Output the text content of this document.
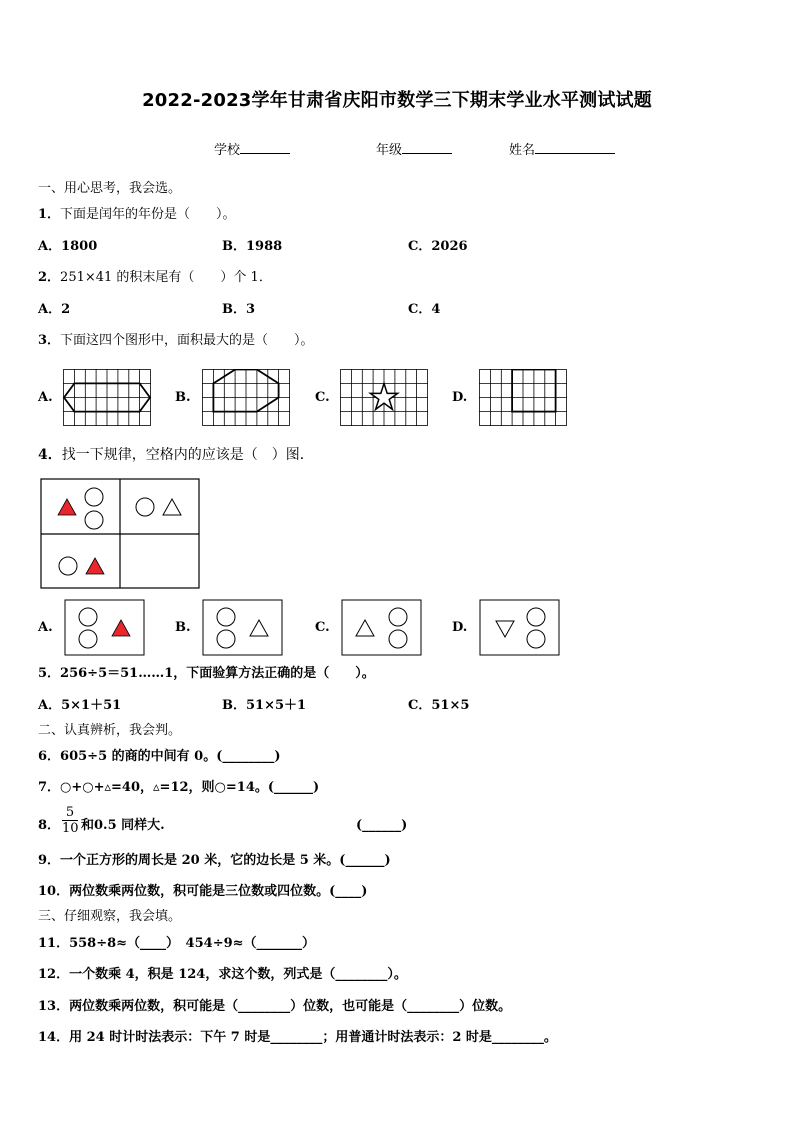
2022-2023学年甘肃省庆阳市数学三下期末学业水平测试试题
学校	年级	姓名
一、用心思考，我会选。
1．下面是闰年的年份是（　　）。
A．1800	B．1988	C．2026
2．251×41 的积末尾有（　　）个 1．
A．2	B．3	C．4
3．下面这四个图形中，面积最大的是（　　）。
A.	B.	C.	D.
4．找一下规律，空格内的应该是（　）图．
A.	B.	C.	D.
5．256÷5＝51……1，下面验算方法正确的是（　　）。
A．5×1＋51	B．51×5＋1	C．51×5
二、认真辨析，我会判。
6．605÷5 的商的中间有 0。(________)
7．○+○+▵=40，▵=12，则○=14。(______)
8． $\frac{5}{10}$ 和0.5 同样大.	(______)
9．一个正方形的周长是 20 米，它的边长是 5 米。(______)
10．两位数乘两位数，积可能是三位数或四位数。(____)
三、仔细观察，我会填。
11．558÷8≈（____）　454÷9≈（_______）
12．一个数乘 4，积是 124，求这个数，列式是（________）。
13．两位数乘两位数，积可能是（________）位数，也可能是（________）位数。
14．用 24 时计时法表示：下午 7 时是________；用普通计时法表示：2 时是________。
